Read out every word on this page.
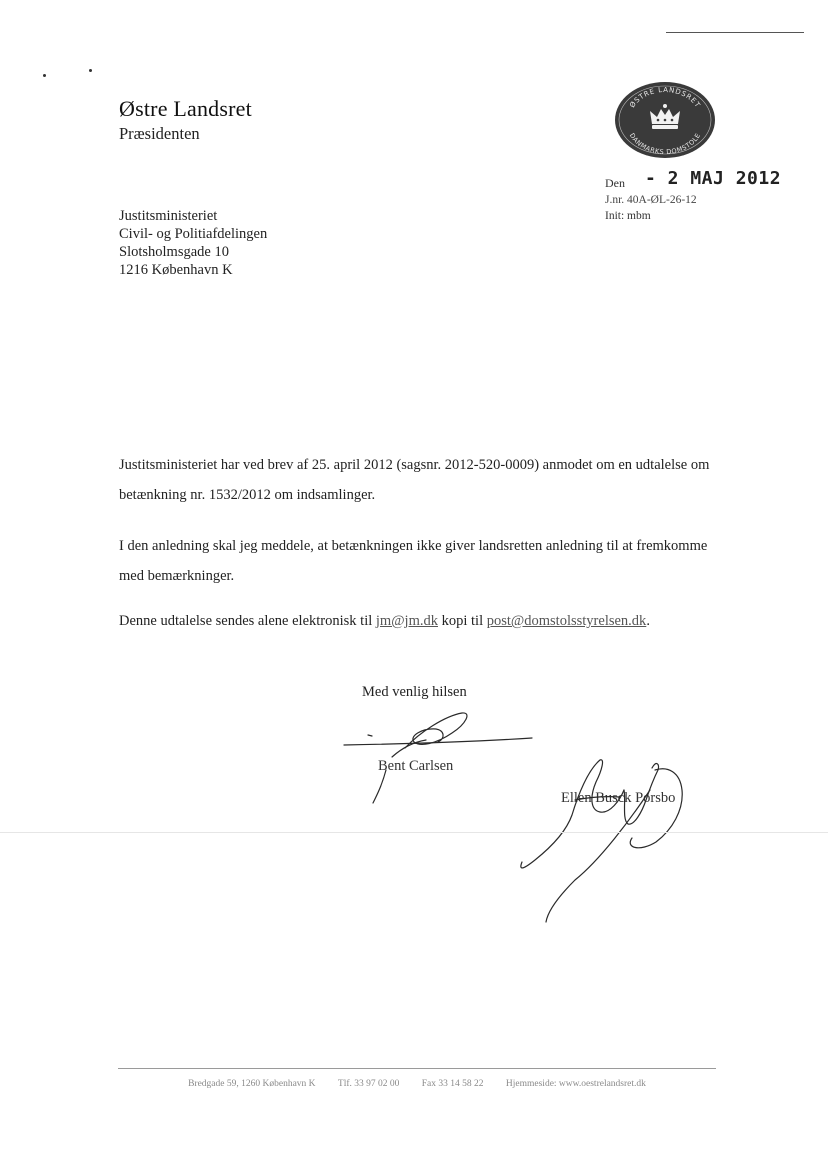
Østre Landsret
Præsidenten
ØSTRE LANDSRET
DANMARKS DOMSTOLE
Den - 2 MAJ 2012
J.nr. 40A-ØL-26-12
Init: mbm
Justitsministeriet
Civil- og Politiafdelingen
Slotsholmsgade 10
1216 København K
Justitsministeriet har ved brev af 25. april 2012 (sagsnr. 2012-520-0009) anmodet om en udtalelse om betænkning nr. 1532/2012 om indsamlinger.
I den anledning skal jeg meddele, at betænkningen ikke giver landsretten anledning til at fremkomme med bemærkninger.
Denne udtalelse sendes alene elektronisk til jm@jm.dk kopi til post@domstolsstyrelsen.dk.
Med venlig hilsen
Bent Carlsen
Ellen Busck Porsbo
Bredgade 59, 1260 København K Tlf. 33 97 02 00 Fax 33 14 58 22 Hjemmeside: www.oestrelandsret.dk
